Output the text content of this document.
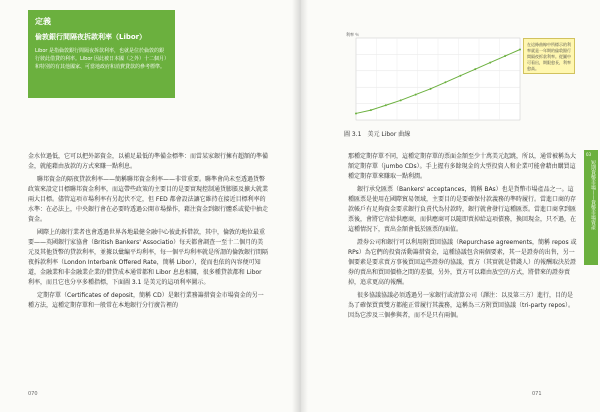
定義
倫敦銀行間隔夜拆款利率（Libor）
Libor 是指倫敦銀行間隔夜拆款利率，也就是位於倫敦的銀行彼此借貸的利率。Libor 因此被日本國（之外）十二個月）和特別的有其他國家、可當地政府和消費貸款的參考標準。

金水位過低，它可以把外部資金，以補足最低的準備金標準：而當某家銀行擁有超額的準備金，就能藉由放款的方式來賺一點利息。

聯邦資金的隔夜貸款利率——簡稱聯邦資金利率——非常重要。聯準會尚未至透過貨幣政策來設定目標聯邦資金利率，而這帶些政策的主要目的是要實現控制通貨膨脹及擴大就業兩大目標。儘管這項市場利率有另起伏不定，但 FED 都會設法讓它維持在接近目標利率的水準：在必法上，中央銀行會在必要時透過公開市場操作，藉注資金到銀行體系或從中抽走資金。

國際上的銀行業者也會透過世界各地最健全融中心彼此拆借款，其中，倫敦的地位最重要——英國銀行家協會（British Bankers' Associatio）每天都會調查一至十二個月的美元及其他貨幣的貸款利率，並據以彙編平均利率，每一個平均利率就是所謂的倫敦銀行間隔夜拆款利率（London Interbank Offered Rate，簡稱 Libor），從而也依的內容便可知道，金融業和非金融業企業的借貸成本通常都和 Libor 息息相關，很多種貸款都和 Libor 利率，而且它也分享多種指標，下面圖 3.1 是美元的這項利率圖示。

定期存單（Certificates of deposit，簡稱 CD）是銀行業務籌措資金市場資金的另一種方法，這種定期存單和一般常在本地銀行分行廣告裡的

070

那種定期存單不同，這種定期存單的票面金額至少十萬美元起跳，所以，通常被稱為大額定期存單（jumbo CDs）。手上握有多餘現金的大型投資人和企業可能會藉由購買這種定期存單來賺取一點利潤。

銀行承兌匯票（Bankers' acceptances，簡稱 BAs）也是貨幣市場產品之一。這種匯票是使用在國際貿易領域，主要目的是要確保付款義務的準時履行。當進口商的存款帳戶有足夠資金要求銀行負責代為付款時，銀行就會發行這種匯票。當進口商拿到匯票後，會將它寄給供應商，而供應商可以隨即賣掉給這項債務，換回現金，只不過，在這種情況下，賣出金額會低於匯票的面值。

證券公司和銀行可以利用附買回協議（Repurchase agreements，簡稱 repos 或 RPs）為它們的投資活動籌措資金，這種協議包含兩個要素，其一是證券的出售，另一個要素是要求賣方事後買回這些證券的協議，賣方（其實就是借錢人）的報酬取決於證券的賣出和買回價格之間的差價，另外，買方可以藉由放空的方式，將借來的證券賣掉，追求更高的報酬。

很多協議協議必須透過另一家銀行或清算公司（譯注：以及第三方）進行，目的是為了確保買賣雙方都能正常履行其義務，這稱為三方附買回協議（tri-party repos）。因為它涉及三個參與者，而不是只有兩個。

071
利率 ％
圖 3.1　美元 Libor 曲線
在這條曲線中所標示的利率就是一年期的倫敦銀行間隔夜拆款利率。從圖中可看出，期限愈長，利率愈高。
03
短期貨幣市場——貨幣市場資產
